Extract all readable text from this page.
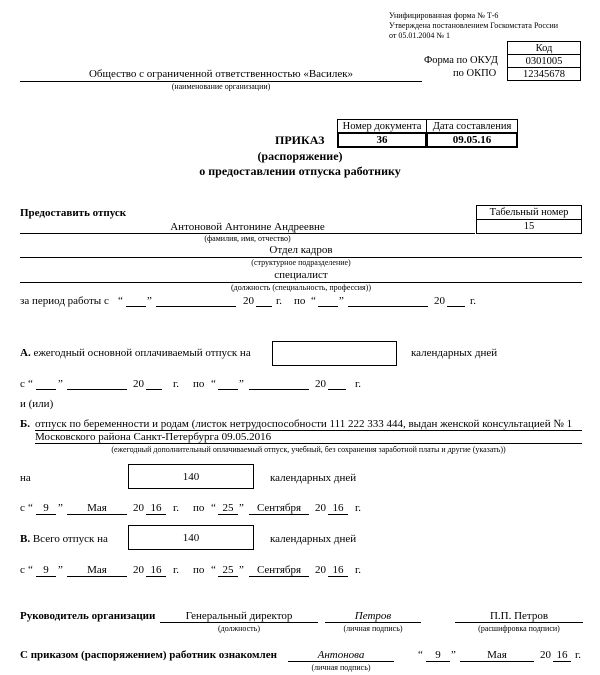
Унифицированная форма № Т-6
Утверждена постановлением Госкомстата России
от 05.01.2004 № 1
Код
0301005
12345678
Форма по ОКУД
по ОКПО
Общество с ограниченной ответственностью «Василек»
(наименование организации)
Номер документа	Дата составления
36	09.05.16
ПРИКАЗ
(распоряжение)
о предоставлении отпуска работнику
Предоставить отпуск	Табельный номер
15
Антоновой Антонине Андреевне
(фамилия, имя, отчество)
Отдел кадров
(структурное подразделение)
специалист
(должность (специальность, профессия))
за период работы с “ ”	20 г. по “ ”	20 г.
А. ежегодный основной оплачиваемый отпуск на	календарных дней
с “ ”	20	г. по “ ”	20	г.
и (или)
Б. отпуск по беременности и родам (листок нетрудоспособности 111 222 333 444, выдан женской консультацией № 1
Московского района Санкт-Петербурга 09.05.2016
(ежегодный дополнительный оплачиваемый отпуск, учебный, без сохранения заработной платы и другие (указать))
на	140	календарных дней
с “ 9 ”	Мая	20 16	г. по “ 25 ”	Сентября	20 16	г.
В. Всего отпуск на	140	календарных дней
с “ 9 ”	Мая	20 16	г. по “ 25 ”	Сентября	20 16	г.
Руководитель организации	Генеральный директор
(должность)
Петров
(личная подпись)
П.П. Петров
(расшифровка подписи)
С приказом (распоряжением) работник ознакомлен	Антонова
(личная подпись)
“	9 ”	Мая	20 16 г.
